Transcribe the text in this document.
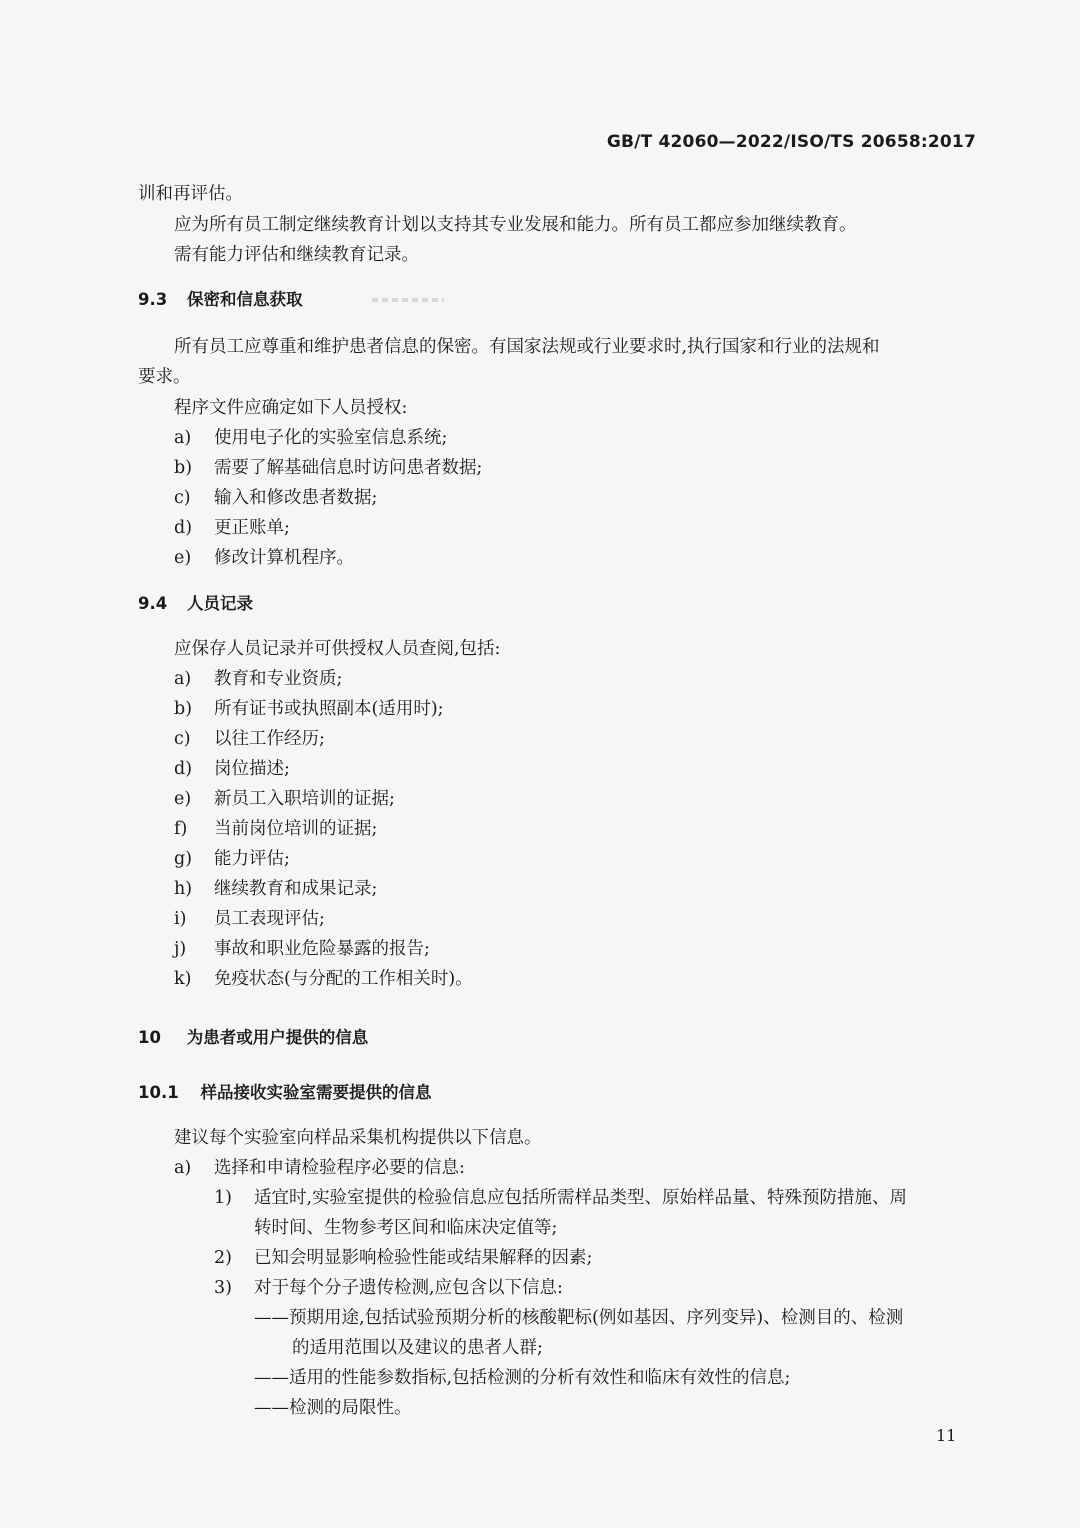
GB/T 42060—2022/ISO/TS 20658:2017
训和再评估。
应为所有员工制定继续教育计划以支持其专业发展和能力。所有员工都应参加继续教育。
需有能力评估和继续教育记录。
9.3 保密和信息获取
所有员工应尊重和维护患者信息的保密。有国家法规或行业要求时,执行国家和行业的法规和
要求。
程序文件应确定如下人员授权:
a) 使用电子化的实验室信息系统;
b) 需要了解基础信息时访问患者数据;
c) 输入和修改患者数据;
d) 更正账单;
e) 修改计算机程序。
9.4 人员记录
应保存人员记录并可供授权人员查阅,包括:
a) 教育和专业资质;
b) 所有证书或执照副本(适用时);
c) 以往工作经历;
d) 岗位描述;
e) 新员工入职培训的证据;
f) 当前岗位培训的证据;
g) 能力评估;
h) 继续教育和成果记录;
i) 员工表现评估;
j) 事故和职业危险暴露的报告;
k) 免疫状态(与分配的工作相关时)。
10 为患者或用户提供的信息
10.1 样品接收实验室需要提供的信息
建议每个实验室向样品采集机构提供以下信息。
a) 选择和申请检验程序必要的信息:
1) 适宜时,实验室提供的检验信息应包括所需样品类型、原始样品量、特殊预防措施、周
转时间、生物参考区间和临床决定值等;
2) 已知会明显影响检验性能或结果解释的因素;
3) 对于每个分子遗传检测,应包含以下信息:
——预期用途,包括试验预期分析的核酸靶标(例如基因、序列变异)、检测目的、检测
的适用范围以及建议的患者人群;
——适用的性能参数指标,包括检测的分析有效性和临床有效性的信息;
——检测的局限性。
11
